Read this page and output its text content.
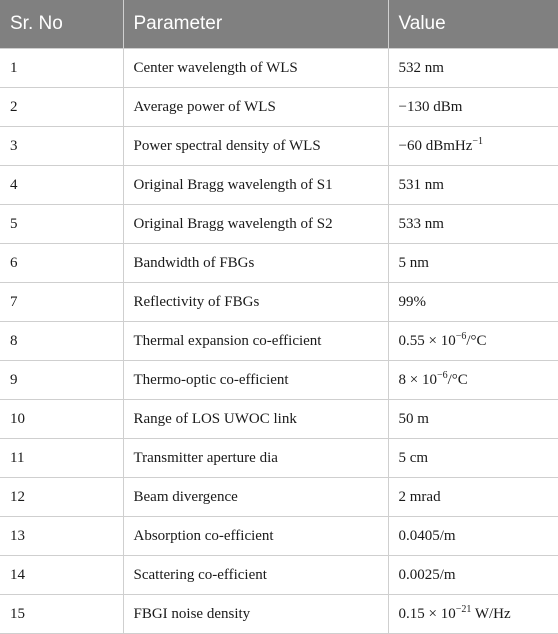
Sr. No	Parameter	Value
1	Center wavelength of WLS	532 nm
2	Average power of WLS	−130 dBm
3	Power spectral density of WLS	−60 dBmHz$^{-1}$
4	Original Bragg wavelength of S1	531 nm
5	Original Bragg wavelength of S2	533 nm
6	Bandwidth of FBGs	5 nm
7	Reflectivity of FBGs	99%
8	Thermal expansion co-efficient	$0.55 \times 10^{-6}/^\circ C$
9	Thermo-optic co-efficient	$8 \times 10^{-6}/^\circ C$
10	Range of LOS UWOC link	50 m
11	Transmitter aperture dia	5 cm
12	Beam divergence	2 mrad
13	Absorption co-efficient	0.0405/m
14	Scattering co-efficient	0.0025/m
15	FBGI noise density	$0.15 \times 10^{-21}$ W/Hz
